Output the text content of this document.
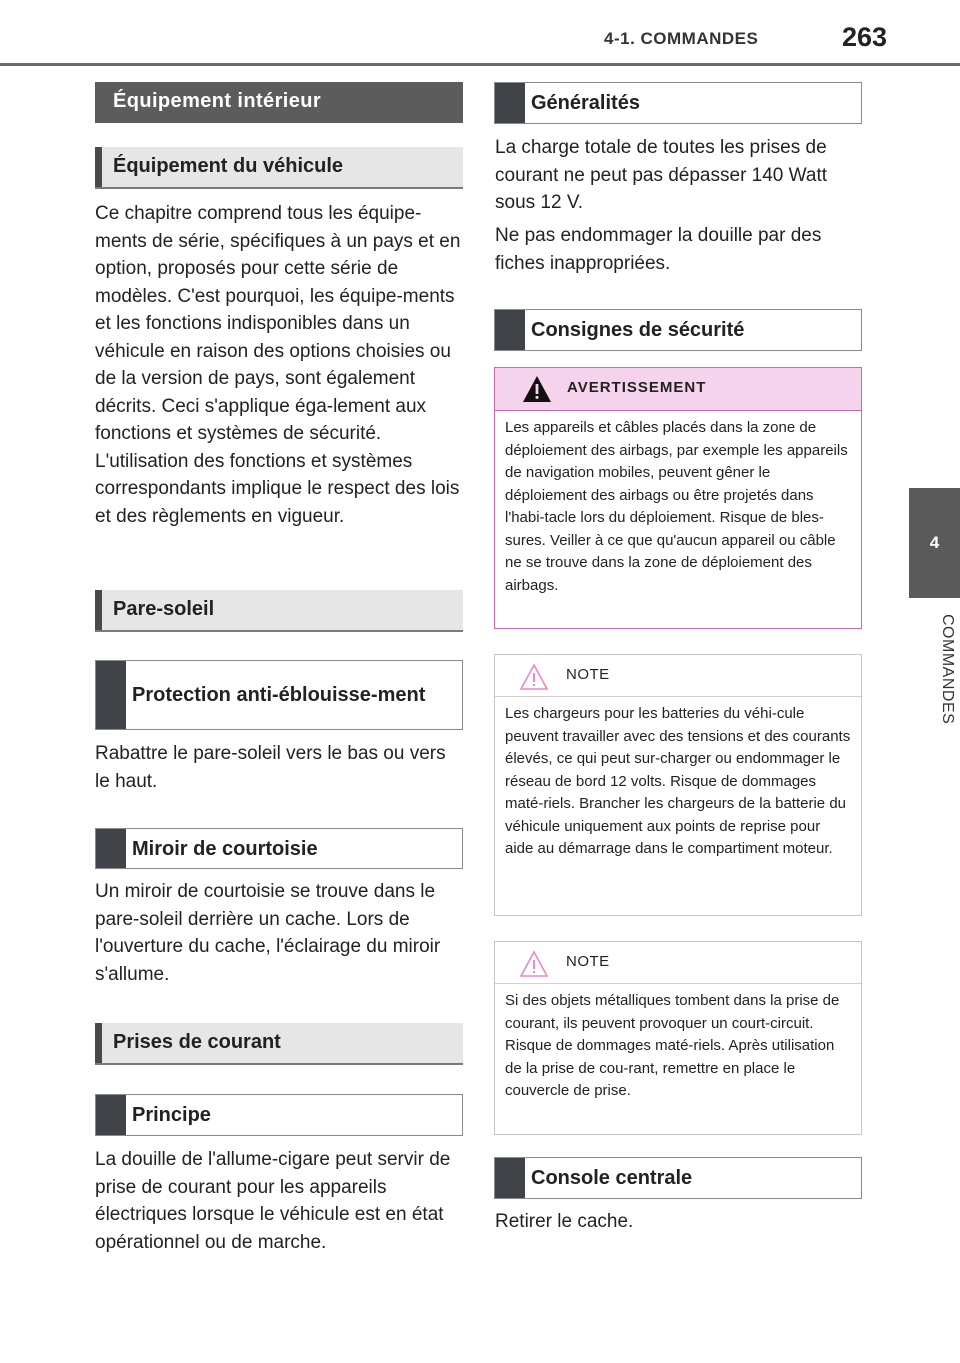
4-1. COMMANDES	263
4
COMMANDES
Équipement intérieur
Équipement du véhicule

Ce chapitre comprend tous les équipe-ments de série, spécifiques à un pays et en option, proposés pour cette série de modèles. C'est pourquoi, les équipe-ments et les fonctions indisponibles dans un véhicule en raison des options choisies ou de la version de pays, sont également décrits. Ceci s'applique éga-lement aux fonctions et systèmes de sécurité. L'utilisation des fonctions et systèmes correspondants implique le respect des lois et des règlements en vigueur.

Pare-soleil
Protection anti-éblouisse-ment

Rabattre le pare-soleil vers le bas ou vers le haut.

Miroir de courtoisie

Un miroir de courtoisie se trouve dans le pare-soleil derrière un cache. Lors de l'ouverture du cache, l'éclairage du miroir s'allume.

Prises de courant
Principe

La douille de l'allume-cigare peut servir de prise de courant pour les appareils électriques lorsque le véhicule est en état opérationnel ou de marche.

Généralités

La charge totale de toutes les prises de courant ne peut pas dépasser 140 Watt sous 12 V.

Ne pas endommager la douille par des fiches inappropriées.

Consignes de sécurité
AVERTISSEMENT

Les appareils et câbles placés dans la zone de déploiement des airbags, par exemple les appareils de navigation mobiles, peuvent gêner le déploiement des airbags ou être projetés dans l'habi-tacle lors du déploiement. Risque de bles-sures. Veiller à ce que qu'aucun appareil ou câble ne se trouve dans la zone de déploiement des airbags.

NOTE

Les chargeurs pour les batteries du véhi-cule peuvent travailler avec des tensions et des courants élevés, ce qui peut sur-charger ou endommager le réseau de bord 12 volts. Risque de dommages maté-riels. Brancher les chargeurs de la batterie du véhicule uniquement aux points de reprise pour aide au démarrage dans le compartiment moteur.

NOTE

Si des objets métalliques tombent dans la prise de courant, ils peuvent provoquer un court-circuit. Risque de dommages maté-riels. Après utilisation de la prise de cou-rant, remettre en place le couvercle de prise.

Console centrale

Retirer le cache.
